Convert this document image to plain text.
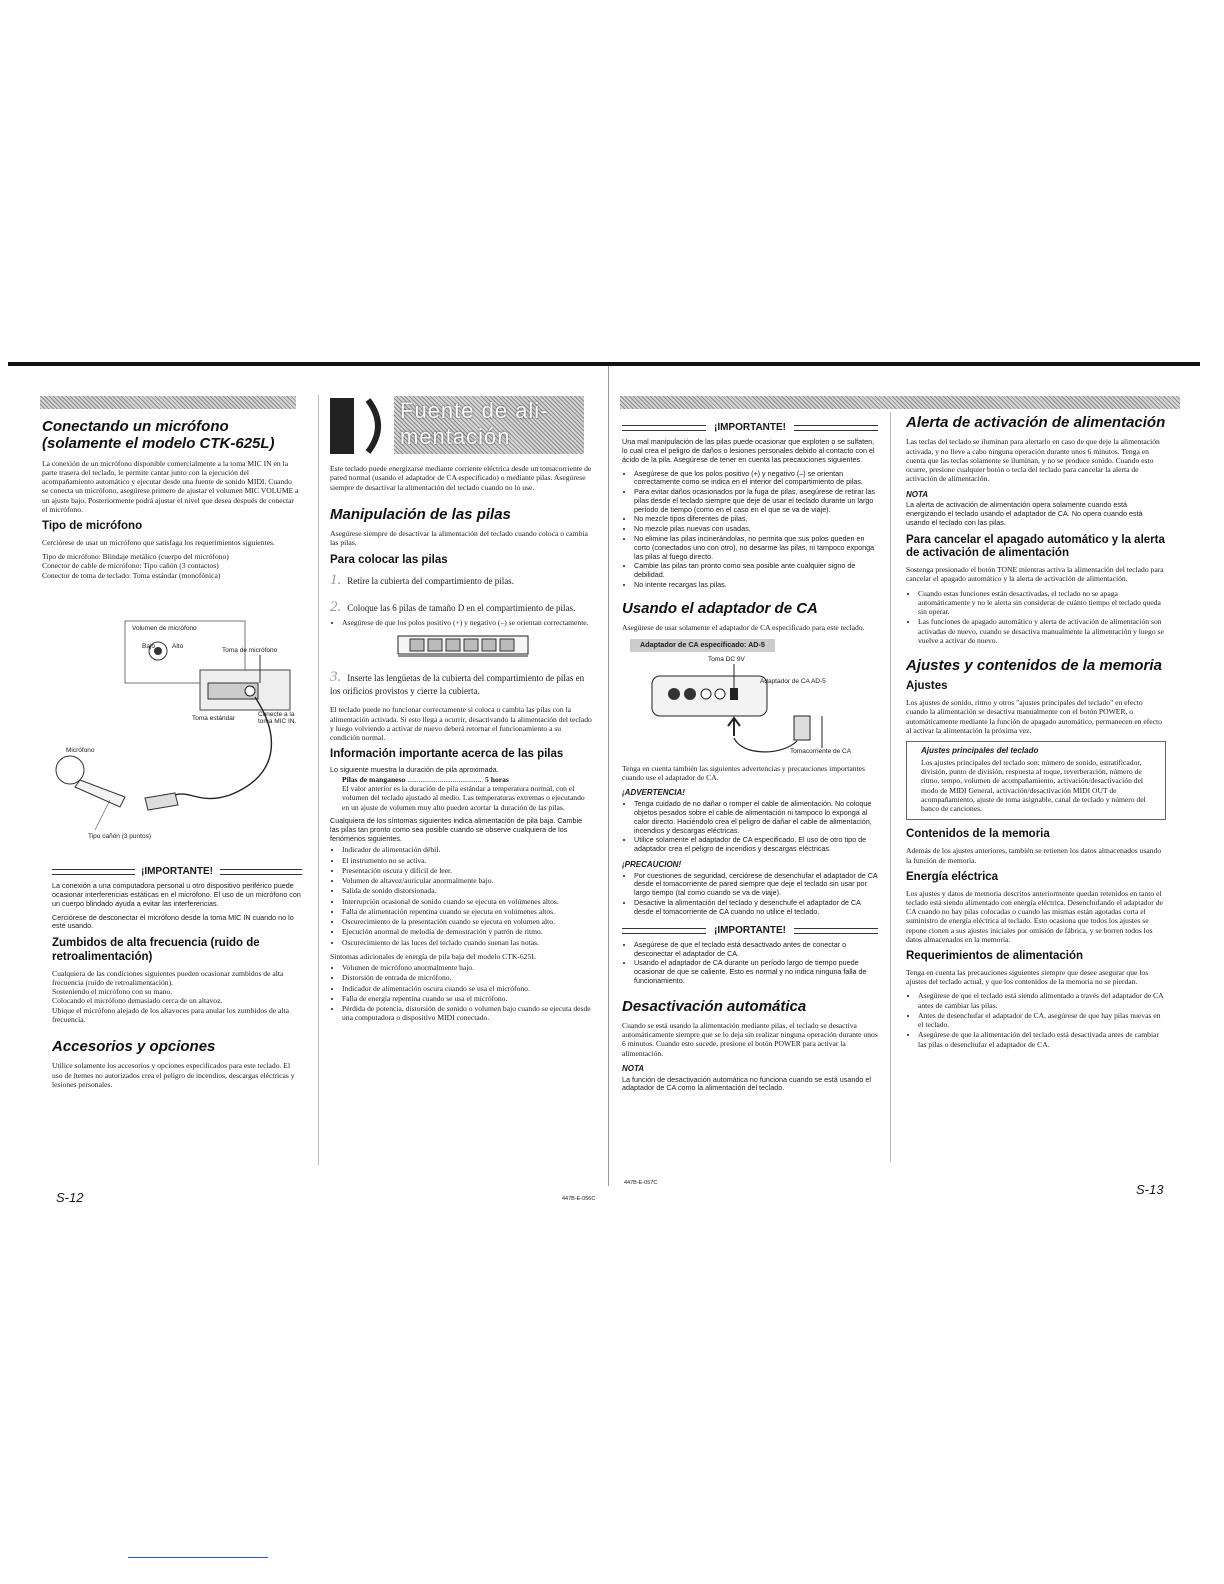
Conectando un micrófono (solamente el modelo CTK-625L)

La conexión de un micrófono disponible comercialmente a la toma MIC IN en la parte trasera del teclado, le permite cantar junto con la ejecución del acompañamiento automático y ejecutar desde una fuente de sonido MIDI. Cuando se conecta un micrófono, asegúrese primero de ajustar el volumen MIC VOLUME a un ajuste bajo. Posteriormente podrá ajustar el nivel que desea después de conectar el micrófono.

Tipo de micrófono

Cerciórese de usar un micrófono que satisfaga los requerimientos siguientes.

Tipo de micrófono: Blindaje metálico (cuerpo del micrófono)
Conector de cable de micrófono: Tipo cañón (3 contactos)
Conector de toma de teclado: Toma estándar (monofónica)
Volumen de micrófono
Bajo	Alto
Toma de micrófono
Toma estándar
Conecte a la toma MIC IN.
Micrófono
Tipo cañón (3 puntos)
¡IMPORTANTE!

La conexión a una computadora personal u otro dispositivo periférico puede ocasionar interferencias estáticas en el micrófono. El uso de un micrófono con un cuerpo blindado ayuda a evitar las interferencias.

Cerciórese de desconectar el micrófono desde la toma MIC IN cuando no lo esté usando.

Zumbidos de alta frecuencia (ruido de retroalimentación)
Cualquiera de las condiciones siguientes pueden ocasionar zumbidos de alta frecuencia (ruido de retroalimentación).
Sosteniendo el micrófono con su mano.
Colocando el micrófono demasiado cerca de un altavoz.
Ubique el micrófono alejado de los altavoces para anular los zumbidos de alta frecuencia.
Accesorios y opciones

Utilice solamente los accesorios y opciones especificados para este teclado. El uso de ítemes no autorizados crea el peligro de incendios, descargas eléctricas y lesiones personales.

S-12	447B-E-056C
Fuente de ali-
mentación

Este teclado puede energizarse mediante corriente eléctrica desde un tomacorriente de pared normal (usando el adaptador de CA especificado) o mediante pilas. Asegúrese siempre de desactivar la alimentación del teclado cuando no lo use.

Manipulación de las pilas

Asegúrese siempre de desactivar la alimentación del teclado cuando coloca o cambia las pilas.

Para colocar las pilas
1. Retire la cubierta del compartimiento de pilas.
2. Coloque las 6 pilas de tamaño D en el compartimiento de pilas.
• Asegúrese de que los polos positivo (+) y negativo (–) se orientan correctamente.
3. Inserte las lengüetas de la cubierta del compartimiento de pilas en los orificios provistos y cierre la cubierta.

El teclado puede no funcionar correctamente si coloca o cambia las pilas con la alimentación activada. Si esto llega a ocurrir, desactivando la alimentación del teclado y luego volviendo a activar de nuevo deberá retornar el funcionamiento a su condición normal.

Información importante acerca de las pilas
Lo siguiente muestra la duración de pila aproximada.
Pilas de manganeso ........................................ 5 horas

El valor anterior es la duración de pila estándar a temperatura normal, con el volumen del teclado ajustado al medio. Las temperaturas extremas o ejecutando en un ajuste de volumen muy alto pueden acortar la duración de las pilas.

Cualquiera de los síntomas siguientes indica alimentación de pila baja. Cambie las pilas tan pronto como sea posible cuando se observe cualquiera de los fenómenos siguientes.
• Indicador de alimentación débil.
• El instrumento no se activa.
• Presentación oscura y difícil de leer.
• Volumen de altavoz/auricular anormalmente bajo.
• Salida de sonido distorsionada.
• Interrupción ocasional de sonido cuando se ejecuta en volúmenes altos.
• Falla de alimentación repentina cuando se ejecuta en volúmenes altos.
• Oscurecimiento de la presentación cuando se ejecuta en volumen alto.
• Ejecución anormal de melodía de demostración y patrón de ritmo.
• Oscurecimiento de las luces del teclado cuando suenan las notas.
Síntomas adicionales de energía de pila baja del modelo CTK-625L
• Volumen de micrófono anormalmente bajo.
• Distorsión de entrada de micrófono.
• Indicador de alimentación oscura cuando se usa el micrófono.
• Falla de energía repentina cuando se usa el micrófono.
• Pérdida de potencia, distorsión de sonido o volumen bajo cuando se ejecuta desde una computadora o dispositivo MIDI conectado.
¡IMPORTANTE!

Una mal manipulación de las pilas puede ocasionar que exploten o se sulfaten, lo cual crea el peligro de daños o lesiones personales debido al contacto con el ácido de la pila. Asegúrese de tener en cuenta las precauciones siguientes.

• Asegúrese de que los polos positivo (+) y negativo (–) se orientan correctamente como se indica en el interior del compartimiento de pilas.
• Para evitar daños ocasionados por la fuga de pilas, asegúrese de retirar las pilas desde el teclado siempre que deje de usar el teclado durante un largo período de tiempo (como en el caso en el que se va de viaje).
• No mezcle tipos diferentes de pilas.
• No mezcle pilas nuevas con usadas.
• No elimine las pilas incinerándolas, no permita que sus polos queden en corto (conectados uno con otro), no desarme las pilas, ni tampoco exponga las pilas al fuego directo.
• Cambie las pilas tan pronto como sea posible ante cualquier signo de debilidad.
• No intente recargas las pilas.
Usando el adaptador de CA

Asegúrese de usar solamente el adaptador de CA especificado para este teclado.

Adaptador de CA especificado: AD-5
Toma DC 9V
Adaptador de CA AD-5
Tomacorriente de CA

Tenga en cuenta también las siguientes advertencias y precauciones importantes cuando use el adaptador de CA.

¡ADVERTENCIA!
• Tenga cuidado de no dañar o romper el cable de alimentación. No coloque objetos pesados sobre el cable de alimentación ni tampoco lo exponga al calor directo. Haciéndolo crea el peligro de dañar el cable de alimentación, incendios y descargas eléctricas.
• Utilice solamente el adaptador de CA especificado. El uso de otro tipo de adaptador crea el peligro de incendios y descargas eléctricas.
¡PRECAUCION!
• Por cuestiones de seguridad, cerciórese de desenchufar el adaptador de CA desde el tomacorriente de pared siempre que deje el teclado sin usar por largo tiempo (tal como cuando se va de viaje).
• Desactive la alimentación del teclado y desenchufe el adaptador de CA desde el tomacorriente de CA cuando no utilice el teclado.
¡IMPORTANTE!
• Asegúrese de que el teclado está desactivado antes de conectar o desconectar el adaptador de CA.
• Usando el adaptador de CA durante un período largo de tiempo puede ocasionar de que se caliente. Esto es normal y no indica ninguna falla de funcionamiento.
Desactivación automática

Cuando se está usando la alimentación mediante pilas, el teclado se desactiva automáticamente siempre que se lo deja sin realizar ninguna operación durante unos 6 minutos. Cuando esto sucede, presione el botón POWER para activar la alimentación.

NOTA

La función de desactivación automática no funciona cuando se está usando el adaptador de CA como la alimentación del teclado.

447B-E-057C
Alerta de activación de alimentación

Las teclas del teclado se iluminan para alertarlo en caso de que deje la alimentación activada, y no lleve a cabo ninguna operación durante unos 6 minutos. Tenga en cuenta que las teclas solamente se iluminan, y no se produce sonido. Cuando esto ocurre, presione cualquier botón o tecla del teclado para cancelar la alerta de activación de alimentación.

NOTA

La alerta de activación de alimentación opera solamente cuando está energizando el teclado usando el adaptador de CA. No opera cuando está usando el teclado con las pilas.

Para cancelar el apagado automático y la alerta de activación de alimentación

Sostenga presionado el botón TONE mientras activa la alimentación del teclado para cancelar el apagado automático y la alerta de activación de alimentación.

• Cuando estas funciones están desactivadas, el teclado no se apaga automáticamente y no le alerta sin considerar de cuánto tiempo el teclado queda sin operar.
• Las funciones de apagado automático y alerta de activación de alimentación son activadas de nuevo, cuando se desactiva manualmente la alimentación y luego se vuelve a activar de nuevo.
Ajustes y contenidos de la memoria
Ajustes

Los ajustes de sonido, ritmo y otros "ajustes principales del teclado" en efecto cuando la alimentación se desactiva manualmente con el botón POWER, o automáticamente mediante la función de apagado automático, permanecen en efecto al activar la alimentación la próxima vez.

Ajustes principales del teclado
Los ajustes principales del teclado son: número de sonido, estratificador, división, punto de división, respuesta al toque, reverberación, número de ritmo, tempo, volumen de acompañamiento, activación/desactivación del modo de MIDI General, activación/desactivación MIDI OUT de acompañamiento, ajuste de toma asignable, canal de teclado y número del banco de canciones.
Contenidos de la memoria

Además de los ajustes anteriores, también se retienen los datos almacenados usando la función de memoria.

Energía eléctrica

Los ajustes y datos de memoria descritos anteriormente quedan retenidos en tanto el teclado está siendo alimentado con energía eléctrica. Desenchufando el adaptador de CA cuando no hay pilas colocadas o cuando las mismas están agotadas corta el suministro de energía eléctrica al teclado. Esto ocasiona que todos los ajustes se repone cionen a sus ajustes iniciales por omisión de fábrica, y se borren todos los datos almacenados en la memoria.

Requerimientos de alimentación

Tenga en cuenta las precauciones siguientes siempre que desee asegurar que los ajustes del teclado actual, y que los contenidos de la memoria no se pierdan.

• Asegúrese de que el teclado está siendo alimentado a través del adaptador de CA antes de cambiar las pilas.
• Antes de desenchufar el adaptador de CA, asegúrese de que hay pilas nuevas en el teclado.
• Asegúrese de que la alimentación del teclado está desactivada antes de cambiar las pilas o desenchufar el adaptador de CA.
S-13
